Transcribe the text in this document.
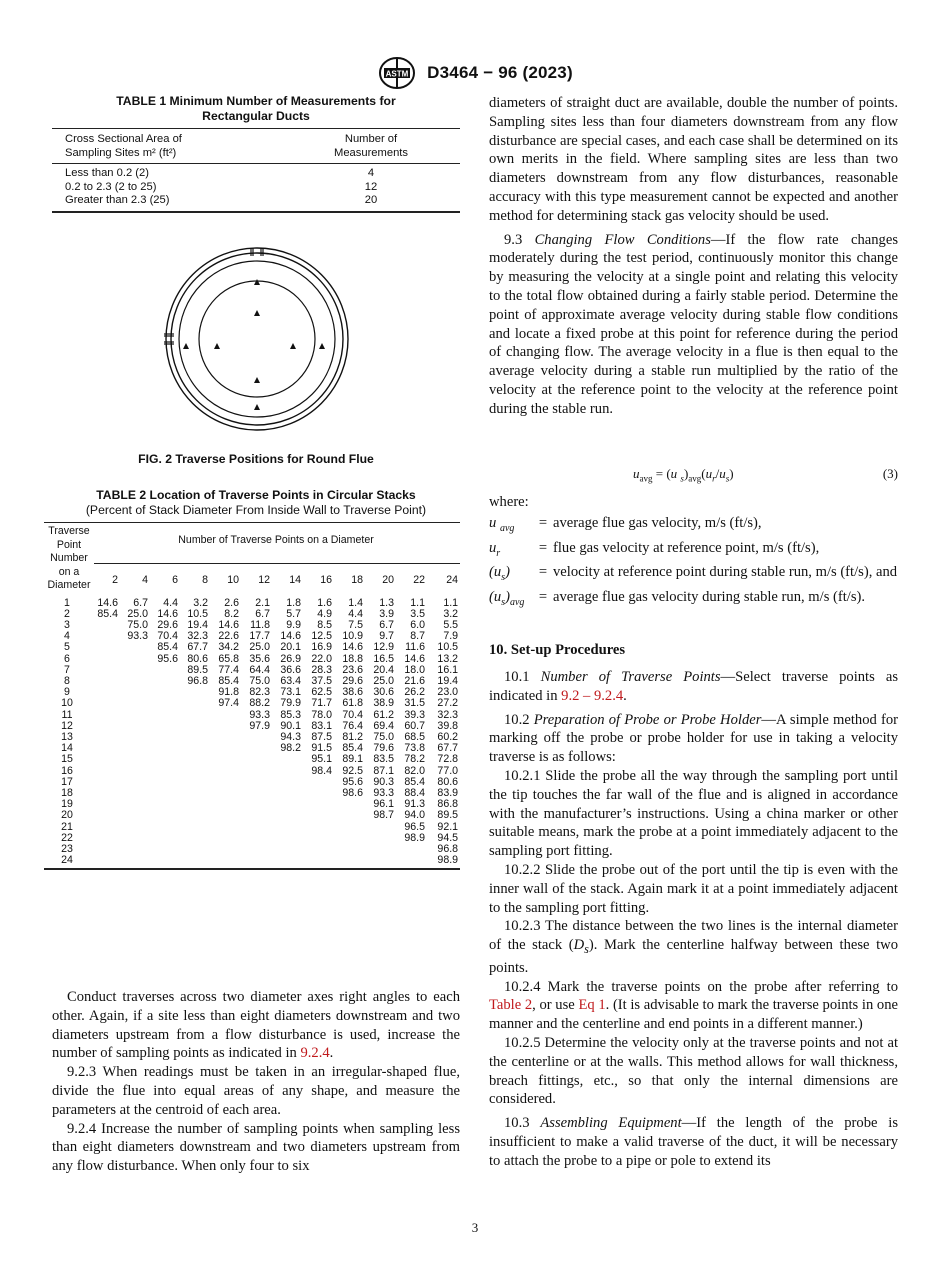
ASTM D3464 − 96 (2023)
TABLE 1 Minimum Number of Measurements for
Rectangular Ducts
Cross Sectional Area of
Sampling Sites m² (ft²)
Number of
Measurements
Less than 0.2 (2)	4
0.2 to 2.3 (2 to 25)	12
Greater than 2.3 (25)	20
FIG. 2 Traverse Positions for Round Flue
TABLE 2 Location of Traverse Points in Circular Stacks
(Percent of Stack Diameter From Inside Wall to Traverse Point)
Traverse
Point
Number
on a
Diameter	Number of Traverse Points on a Diameter											
	2	4	6	8	10	12	14	16	18	20	22	24
1	14.6	6.7	4.4	3.2	2.6	2.1	1.8	1.6	1.4	1.3	1.1	1.1
2	85.4	25.0	14.6	10.5	8.2	6.7	5.7	4.9	4.4	3.9	3.5	3.2
3		75.0	29.6	19.4	14.6	11.8	9.9	8.5	7.5	6.7	6.0	5.5
4		93.3	70.4	32.3	22.6	17.7	14.6	12.5	10.9	9.7	8.7	7.9
5			85.4	67.7	34.2	25.0	20.1	16.9	14.6	12.9	11.6	10.5
6			95.6	80.6	65.8	35.6	26.9	22.0	18.8	16.5	14.6	13.2
7				89.5	77.4	64.4	36.6	28.3	23.6	20.4	18.0	16.1
8				96.8	85.4	75.0	63.4	37.5	29.6	25.0	21.6	19.4
9					91.8	82.3	73.1	62.5	38.6	30.6	26.2	23.0
10					97.4	88.2	79.9	71.7	61.8	38.9	31.5	27.2
11						93.3	85.3	78.0	70.4	61.2	39.3	32.3
12						97.9	90.1	83.1	76.4	69.4	60.7	39.8
13							94.3	87.5	81.2	75.0	68.5	60.2
14							98.2	91.5	85.4	79.6	73.8	67.7
15								95.1	89.1	83.5	78.2	72.8
16								98.4	92.5	87.1	82.0	77.0
17									95.6	90.3	85.4	80.6
18									98.6	93.3	88.4	83.9
19										96.1	91.3	86.8
20										98.7	94.0	89.5
21											96.5	92.1
22											98.9	94.5
23												96.8
24												98.9

Conduct traverses across two diameter axes right angles to each other. Again, if a site less than eight diameters downstream and two diameters upstream from a flow disturbance is used, increase the number of sampling points as indicated in 9.2.4.

9.2.3 When readings must be taken in an irregular-shaped flue, divide the flue into equal areas of any shape, and measure the parameters at the centroid of each area.

9.2.4 Increase the number of sampling points when sampling less than eight diameters downstream and two diameters upstream from any flow disturbance. When only four to six

diameters of straight duct are available, double the number of points. Sampling sites less than four diameters downstream from any flow disturbance are special cases, and each case shall be determined on its own merits in the field. Where sampling sites are less than two diameters downstream from any flow disturbances, reasonable accuracy with this type measurement cannot be expected and another method for determining stack gas velocity should be used.

9.3 Changing Flow Conditions—If the flow rate changes moderately during the test period, continuously monitor this change by measuring the velocity at a single point and relating this velocity to the total flow obtained during a fairly stable period. Determine the point of approximate average velocity during stable flow conditions and locate a fixed probe at this point for reference during the period of changing flow. The average velocity in a flue is then equal to the average velocity during a stable run multiplied by the ratio of the velocity at the reference point to the velocity at the reference point during the stable run.

$u_{avg} = (u$ $_s)_{avg}(u_r/u_s)$	(3)
where:
u $_{avg}$	= average flue gas velocity, m/s (ft/s),
$u_r$	= flue gas velocity at reference point, m/s (ft/s),
$(u_s)$	= velocity at reference point during stable run, m/s (ft/s), and
$(u_s)_{avg}$ = average flue gas velocity during stable run, m/s (ft/s).
10. Set-up Procedures

10.1 Number of Traverse Points—Select traverse points as indicated in 9.2 – 9.2.4.

10.2 Preparation of Probe or Probe Holder—A simple method for marking off the probe or probe holder for use in taking a velocity traverse is as follows:

10.2.1 Slide the probe all the way through the sampling port until the tip touches the far wall of the flue and is aligned in accordance with the manufacturer’s instructions. Using a china marker or other suitable means, mark the probe at a point immediately adjacent to the sampling port fitting.

10.2.2 Slide the probe out of the port until the tip is even with the inner wall of the stack. Again mark it at a point immediately adjacent to the sampling port fitting.

10.2.3 The distance between the two lines is the internal diameter of the stack $(D_s)$. Mark the centerline halfway between these two points.

10.2.4 Mark the traverse points on the probe after referring to Table 2, or use Eq 1. (It is advisable to mark the traverse points in one manner and the centerline and end points in a different manner.)

10.2.5 Determine the velocity only at the traverse points and not at the centerline or at the walls. This method allows for wall thickness, breach fittings, etc., so that only the internal dimensions are considered.

10.3 Assembling Equipment—If the length of the probe is insufficient to make a valid traverse of the duct, it will be necessary to attach the probe to a pipe or pole to extend its

3
